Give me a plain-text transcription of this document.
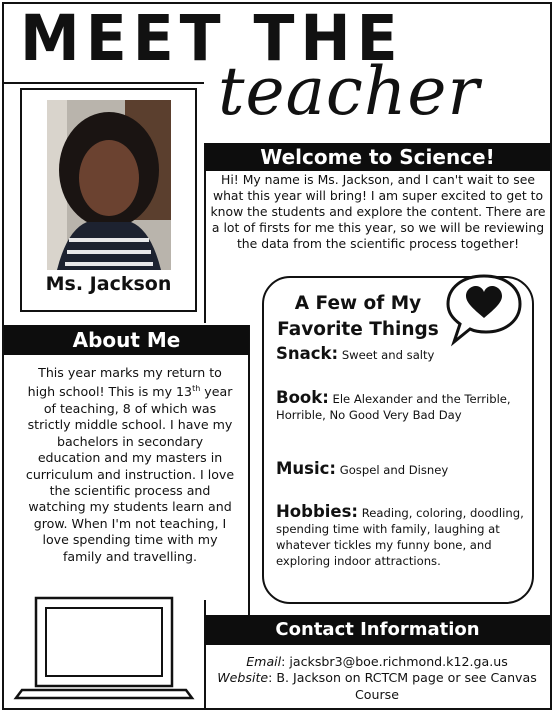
MEET THE
teacher
Ms. Jackson
Welcome to Science!
Hi! My name is Ms. Jackson, and I can't wait to see what this year will bring! I am super excited to get to know the students and explore the content. There are a lot of firsts for me this year, so we will be reviewing the data from the scientific process together!
About Me
This year marks my return to high school! This is my 13th year of teaching, 8 of which was strictly middle school. I have my bachelors in secondary education and my masters in curriculum and instruction. I love the scientific process and watching my students learn and grow. When I'm not teaching, I love spending time with my family and travelling.
A Few of My Favorite Things
Snack: Sweet and salty
Book: Ele Alexander and the Terrible, Horrible, No Good Very Bad Day
Music: Gospel and Disney
Hobbies: Reading, coloring, doodling, spending time with family, laughing at whatever tickles my funny bone, and exploring indoor attractions.
Contact Information
Email: jacksbr3@boe.richmond.k12.ga.us
Website: B. Jackson on RCTCM page or see Canvas Course
